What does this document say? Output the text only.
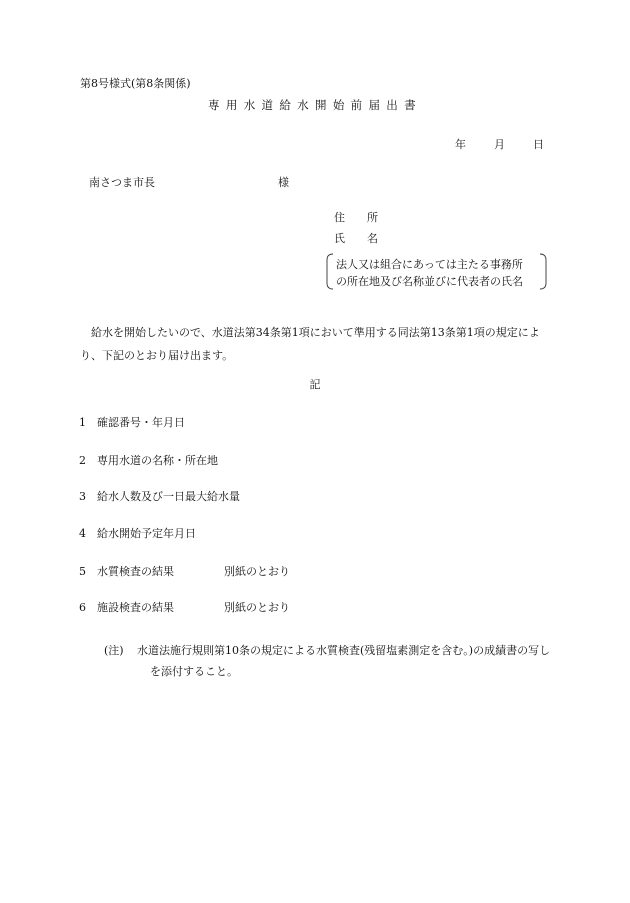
第8号様式(第8条関係)
専用水道給水開始前届出書
年	月	日
南さつま市長	様
住　　所
氏　　名
法人又は組合にあっては主たる事務所
の所在地及び名称並びに代表者の氏名
給水を開始したいので、水道法第34条第1項において準用する同法第13条第1項の規定により、下記のとおり届け出ます。
記
1 確認番号・年月日
2 専用水道の名称・所在地
3 給水人数及び一日最大給水量
4 給水開始予定年月日
5 水質検査の結果	別紙のとおり
6 施設検査の結果	別紙のとおり
(注)	水道法施行規則第10条の規定による水質検査(残留塩素測定を含む。)の成績書の写しを添付すること。
